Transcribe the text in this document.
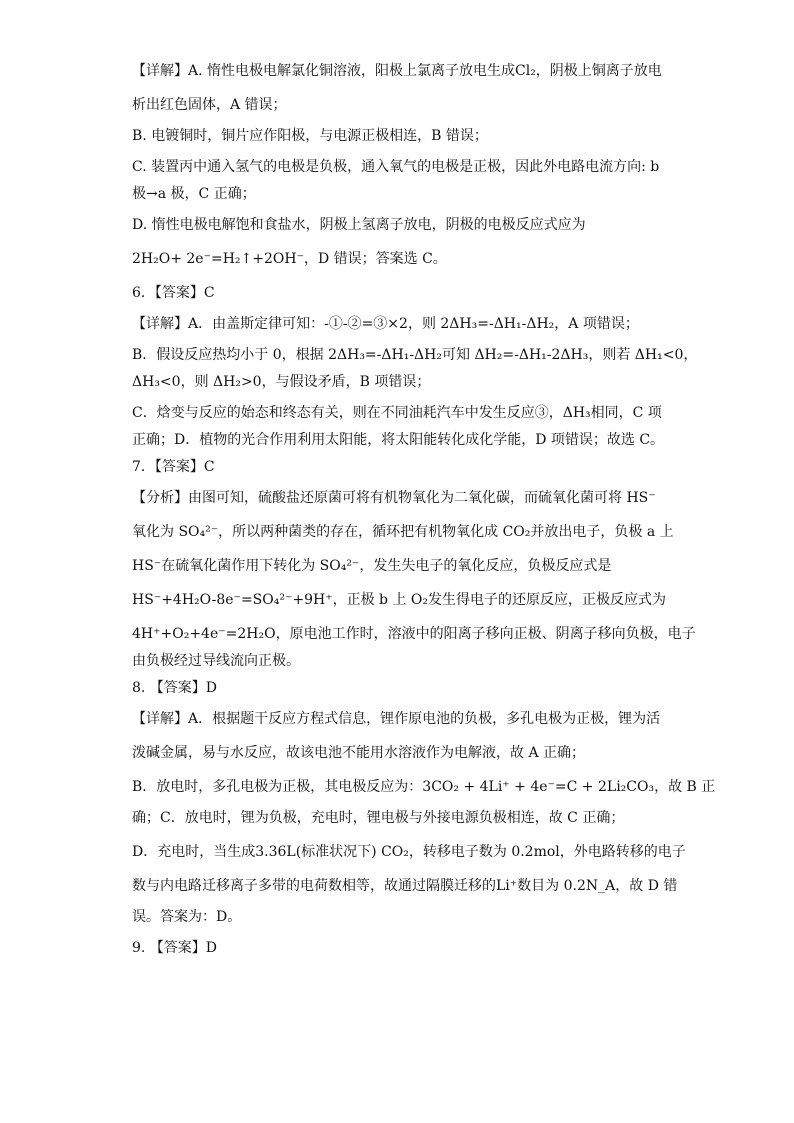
【详解】A. 惰性电极电解氯化铜溶液，阳极上氯离子放电生成Cl₂，阴极上铜离子放电

析出红色固体，A 错误；

B. 电镀铜时，铜片应作阳极，与电源正极相连，B 错误；

C. 装置丙中通入氢气的电极是负极，通入氧气的电极是正极，因此外电路电流方向: b

极→a 极，C 正确；

D. 惰性电极电解饱和食盐水，阴极上氢离子放电，阴极的电极反应式应为

2H₂O+ 2e⁻=H₂↑+2OH⁻，D 错误；答案选 C。

6．【答案】C

【详解】A．由盖斯定律可知：-①-②=③×2，则 2ΔH₃=-ΔH₁-ΔH₂，A 项错误；

B．假设反应热均小于 0，根据 2ΔH₃=-ΔH₁-ΔH₂可知 ΔH₂=-ΔH₁-2ΔH₃，则若 ΔH₁<0，

ΔH₃<0，则 ΔH₂>0，与假设矛盾，B 项错误；

C．焓变与反应的始态和终态有关，则在不同油耗汽车中发生反应③，ΔH₃相同，C 项

正确；D．植物的光合作用利用太阳能，将太阳能转化成化学能，D 项错误；故选 C。

7．【答案】C

【分析】由图可知，硫酸盐还原菌可将有机物氧化为二氧化碳，而硫氧化菌可将 HS⁻

氧化为 SO₄²⁻，所以两种菌类的存在，循环把有机物氧化成 CO₂并放出电子，负极 a 上

HS⁻在硫氧化菌作用下转化为 SO₄²⁻，发生失电子的氧化反应，负极反应式是

HS⁻+4H₂O-8e⁻=SO₄²⁻+9H⁺，正极 b 上 O₂发生得电子的还原反应，正极反应式为

4H⁺+O₂+4e⁻=2H₂O，原电池工作时，溶液中的阳离子移向正极、阴离子移向负极，电子

由负极经过导线流向正极。

8. 【答案】D

【详解】A．根据题干反应方程式信息，锂作原电池的负极，多孔电极为正极，锂为活

泼碱金属，易与水反应，故该电池不能用水溶液作为电解液，故 A 正确；

B．放电时，多孔电极为正极，其电极反应为：3CO₂ + 4Li⁺ + 4e⁻=C + 2Li₂CO₃，故 B 正

确；C．放电时，锂为负极，充电时，锂电极与外接电源负极相连，故 C 正确；

D．充电时，当生成3.36L(标准状况下) CO₂，转移电子数为 0.2mol，外电路转移的电子

数与内电路迁移离子多带的电荷数相等，故通过隔膜迁移的Li⁺数目为 0.2N_A，故 D 错

误。答案为：D。

9. 【答案】D
